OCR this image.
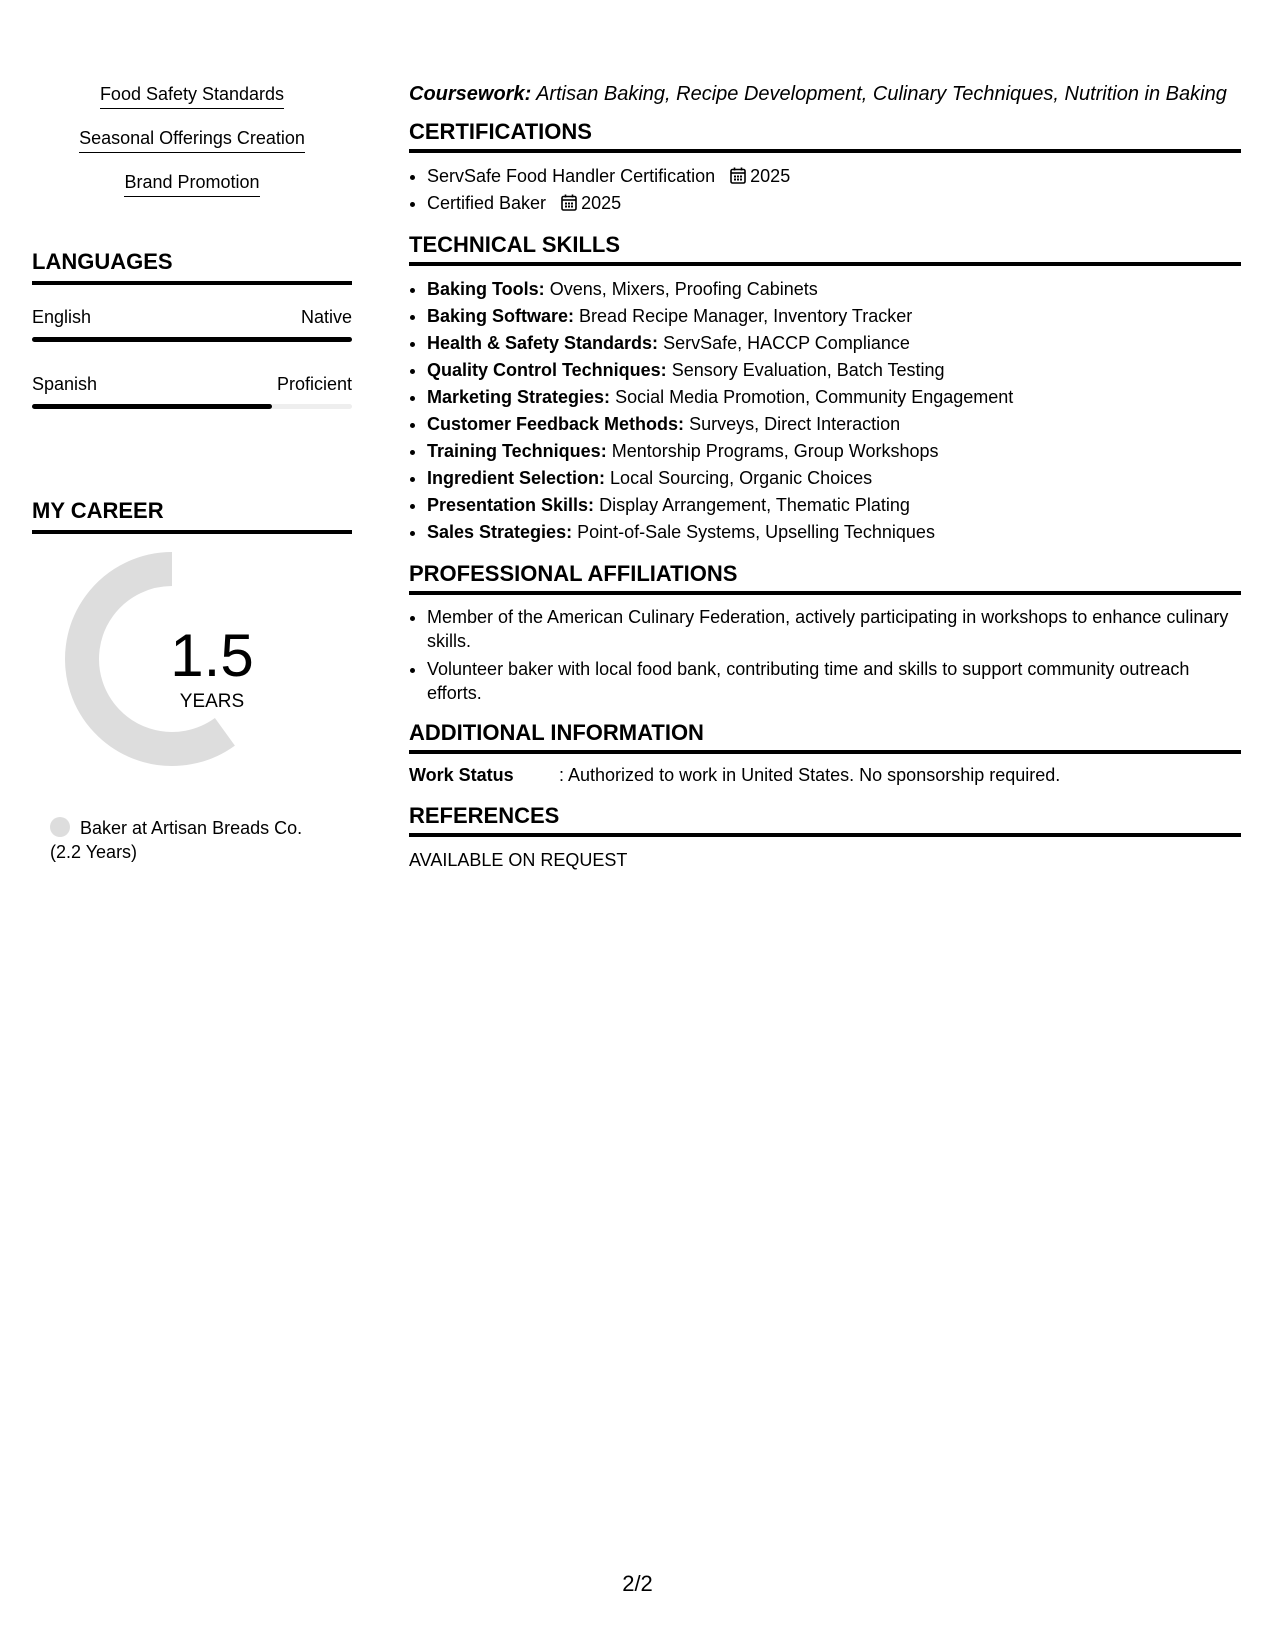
Food Safety Standards
Seasonal Offerings Creation
Brand Promotion
LANGUAGES
English	Native
Spanish	Proficient
MY CAREER
1.5
YEARS
Baker at Artisan Breads Co.
(2.2 Years)

Coursework: Artisan Baking, Recipe Development, Culinary Techniques, Nutrition in Baking

CERTIFICATIONS
• ServSafe Food Handler Certification 2025
• Certified Baker 2025
TECHNICAL SKILLS
• Baking Tools: Ovens, Mixers, Proofing Cabinets
• Baking Software: Bread Recipe Manager, Inventory Tracker
• Health & Safety Standards: ServSafe, HACCP Compliance
• Quality Control Techniques: Sensory Evaluation, Batch Testing
• Marketing Strategies: Social Media Promotion, Community Engagement
• Customer Feedback Methods: Surveys, Direct Interaction
• Training Techniques: Mentorship Programs, Group Workshops
• Ingredient Selection: Local Sourcing, Organic Choices
• Presentation Skills: Display Arrangement, Thematic Plating
• Sales Strategies: Point-of-Sale Systems, Upselling Techniques
PROFESSIONAL AFFILIATIONS
• Member of the American Culinary Federation, actively participating in workshops to enhance culinary skills.
• Volunteer baker with local food bank, contributing time and skills to support community outreach efforts.
ADDITIONAL INFORMATION
Work Status	: Authorized to work in United States. No sponsorship required.
REFERENCES

AVAILABLE ON REQUEST

2/2
